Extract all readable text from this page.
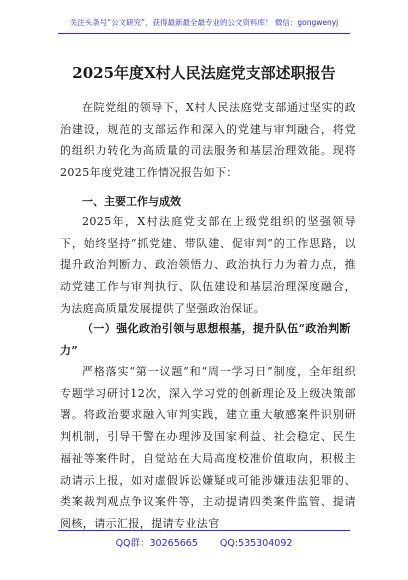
关注头条号“公文研究”，获得最新最全最专业的公文资料库！ 微信：gongwenyj
2025年度X村人民法庭党支部述职报告

在院党组的领导下，X村人民法庭党支部通过坚实的政治建设，规范的支部运作和深入的党建与审判融合，将党的组织力转化为高质量的司法服务和基层治理效能。现将2025年度党建工作情况报告如下：

一、主要工作与成效

2025年，X村法庭党支部在上级党组织的坚强领导下，始终坚持“抓党建、带队建、促审判”的工作思路，以提升政治判断力、政治领悟力、政治执行力为着力点，推动党建工作与审判执行、队伍建设和基层治理深度融合，为法庭高质量发展提供了坚强政治保证。

（一）强化政治引领与思想根基，提升队伍“政治判断力”

严格落实“第一议题”和“周一学习日”制度，全年组织专题学习研讨12次，深入学习党的创新理论及上级决策部署。将政治要求融入审判实践，建立重大敏感案件识别研判机制，引导干警在办理涉及国家利益、社会稳定、民生福祉等案件时，自觉站在大局高度校准价值取向，积极主动请示上报，如对虚假诉讼嫌疑或可能涉嫌违法犯罪的、类案裁判观点争议案件等，主动提请四类案件监管、提请阅核，请示汇报，提请专业法官

QQ群：30265665 QQ:535304092
